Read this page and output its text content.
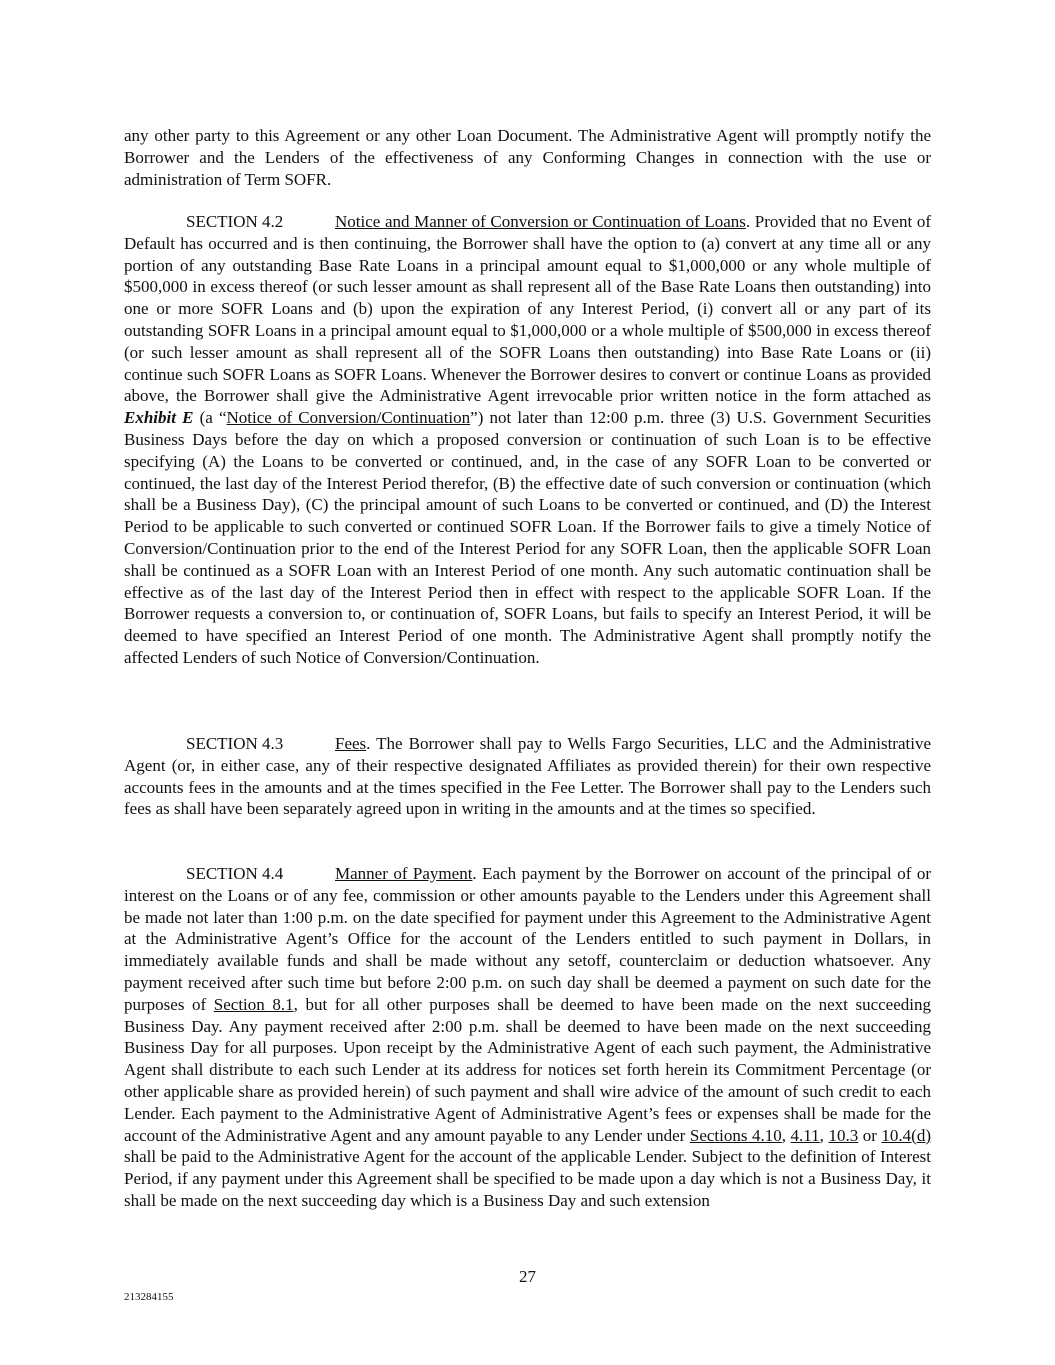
any other party to this Agreement or any other Loan Document. The Administrative Agent will promptly notify the Borrower and the Lenders of the effectiveness of any Conforming Changes in connection with the use or administration of Term SOFR.

SECTION 4.2	Notice and Manner of Conversion or Continuation of Loans. Provided that no Event of Default has occurred and is then continuing, the Borrower shall have the option to (a) convert at any time all or any portion of any outstanding Base Rate Loans in a principal amount equal to $1,000,000 or any whole multiple of $500,000 in excess thereof (or such lesser amount as shall represent all of the Base Rate Loans then outstanding) into one or more SOFR Loans and (b) upon the expiration of any Interest Period, (i) convert all or any part of its outstanding SOFR Loans in a principal amount equal to $1,000,000 or a whole multiple of $500,000 in excess thereof (or such lesser amount as shall represent all of the SOFR Loans then outstanding) into Base Rate Loans or (ii) continue such SOFR Loans as SOFR Loans. Whenever the Borrower desires to convert or continue Loans as provided above, the Borrower shall give the Administrative Agent irrevocable prior written notice in the form attached as Exhibit E (a “Notice of Conversion/Continuation”) not later than 12:00 p.m. three (3) U.S. Government Securities Business Days before the day on which a proposed conversion or continuation of such Loan is to be effective specifying (A) the Loans to be converted or continued, and, in the case of any SOFR Loan to be converted or continued, the last day of the Interest Period therefor, (B) the effective date of such conversion or continuation (which shall be a Business Day), (C) the principal amount of such Loans to be converted or continued, and (D) the Interest Period to be applicable to such converted or continued SOFR Loan. If the Borrower fails to give a timely Notice of Conversion/Continuation prior to the end of the Interest Period for any SOFR Loan, then the applicable SOFR Loan shall be continued as a SOFR Loan with an Interest Period of one month. Any such automatic continuation shall be effective as of the last day of the Interest Period then in effect with respect to the applicable SOFR Loan. If the Borrower requests a conversion to, or continuation of, SOFR Loans, but fails to specify an Interest Period, it will be deemed to have specified an Interest Period of one month. The Administrative Agent shall promptly notify the affected Lenders of such Notice of Conversion/Continuation.

SECTION 4.3	Fees. The Borrower shall pay to Wells Fargo Securities, LLC and the Administrative Agent (or, in either case, any of their respective designated Affiliates as provided therein) for their own respective accounts fees in the amounts and at the times specified in the Fee Letter. The Borrower shall pay to the Lenders such fees as shall have been separately agreed upon in writing in the amounts and at the times so specified.

SECTION 4.4	Manner of Payment. Each payment by the Borrower on account of the principal of or interest on the Loans or of any fee, commission or other amounts payable to the Lenders under this Agreement shall be made not later than 1:00 p.m. on the date specified for payment under this Agreement to the Administrative Agent at the Administrative Agent’s Office for the account of the Lenders entitled to such payment in Dollars, in immediately available funds and shall be made without any setoff, counterclaim or deduction whatsoever. Any payment received after such time but before 2:00 p.m. on such day shall be deemed a payment on such date for the purposes of Section 8.1, but for all other purposes shall be deemed to have been made on the next succeeding Business Day. Any payment received after 2:00 p.m. shall be deemed to have been made on the next succeeding Business Day for all purposes. Upon receipt by the Administrative Agent of each such payment, the Administrative Agent shall distribute to each such Lender at its address for notices set forth herein its Commitment Percentage (or other applicable share as provided herein) of such payment and shall wire advice of the amount of such credit to each Lender. Each payment to the Administrative Agent of Administrative Agent’s fees or expenses shall be made for the account of the Administrative Agent and any amount payable to any Lender under Sections 4.10, 4.11, 10.3 or 10.4(d) shall be paid to the Administrative Agent for the account of the applicable Lender. Subject to the definition of Interest Period, if any payment under this Agreement shall be specified to be made upon a day which is not a Business Day, it shall be made on the next succeeding day which is a Business Day and such extension

27
213284155
